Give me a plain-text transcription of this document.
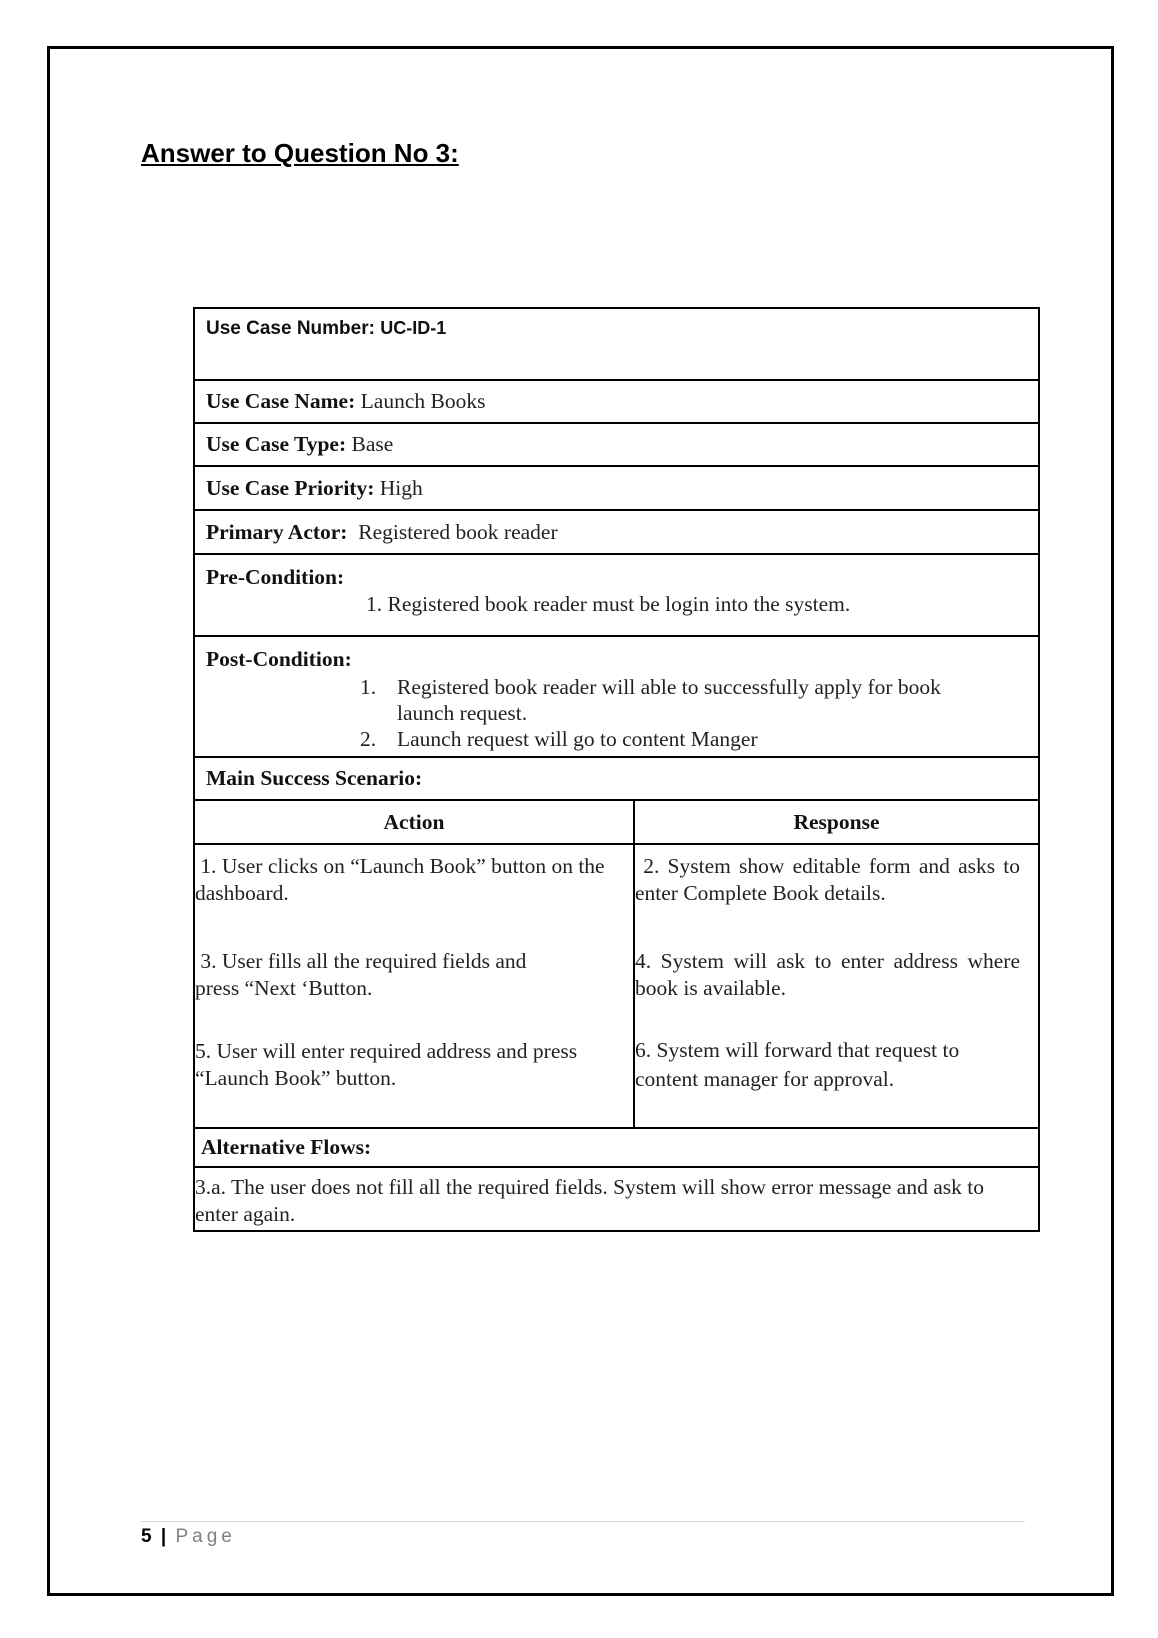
Answer to Question No 3:
Use Case Number: UC-ID-1
Use Case Name: Launch Books
Use Case Type: Base
Use Case Priority: High
Primary Actor: Registered book reader
Pre-Condition:
1. Registered book reader must be login into the system.
Post-Condition:
1. Registered book reader will able to successfully apply for book launch request.
2. Launch request will go to content Manger
Main Success Scenario:
Action	Response
1. User clicks on “Launch Book” button on the dashboard.
3. User fills all the required fields and press “Next ‘Button.
5. User will enter required address and press “Launch Book” button.
2. System show editable form and asks to enter Complete Book details.
4. System will ask to enter address where book is available.
6. System will forward that request to content manager for approval.
Alternative Flows:
3.a. The user does not fill all the required fields. System will show error message and ask to enter again.
5 | Page
